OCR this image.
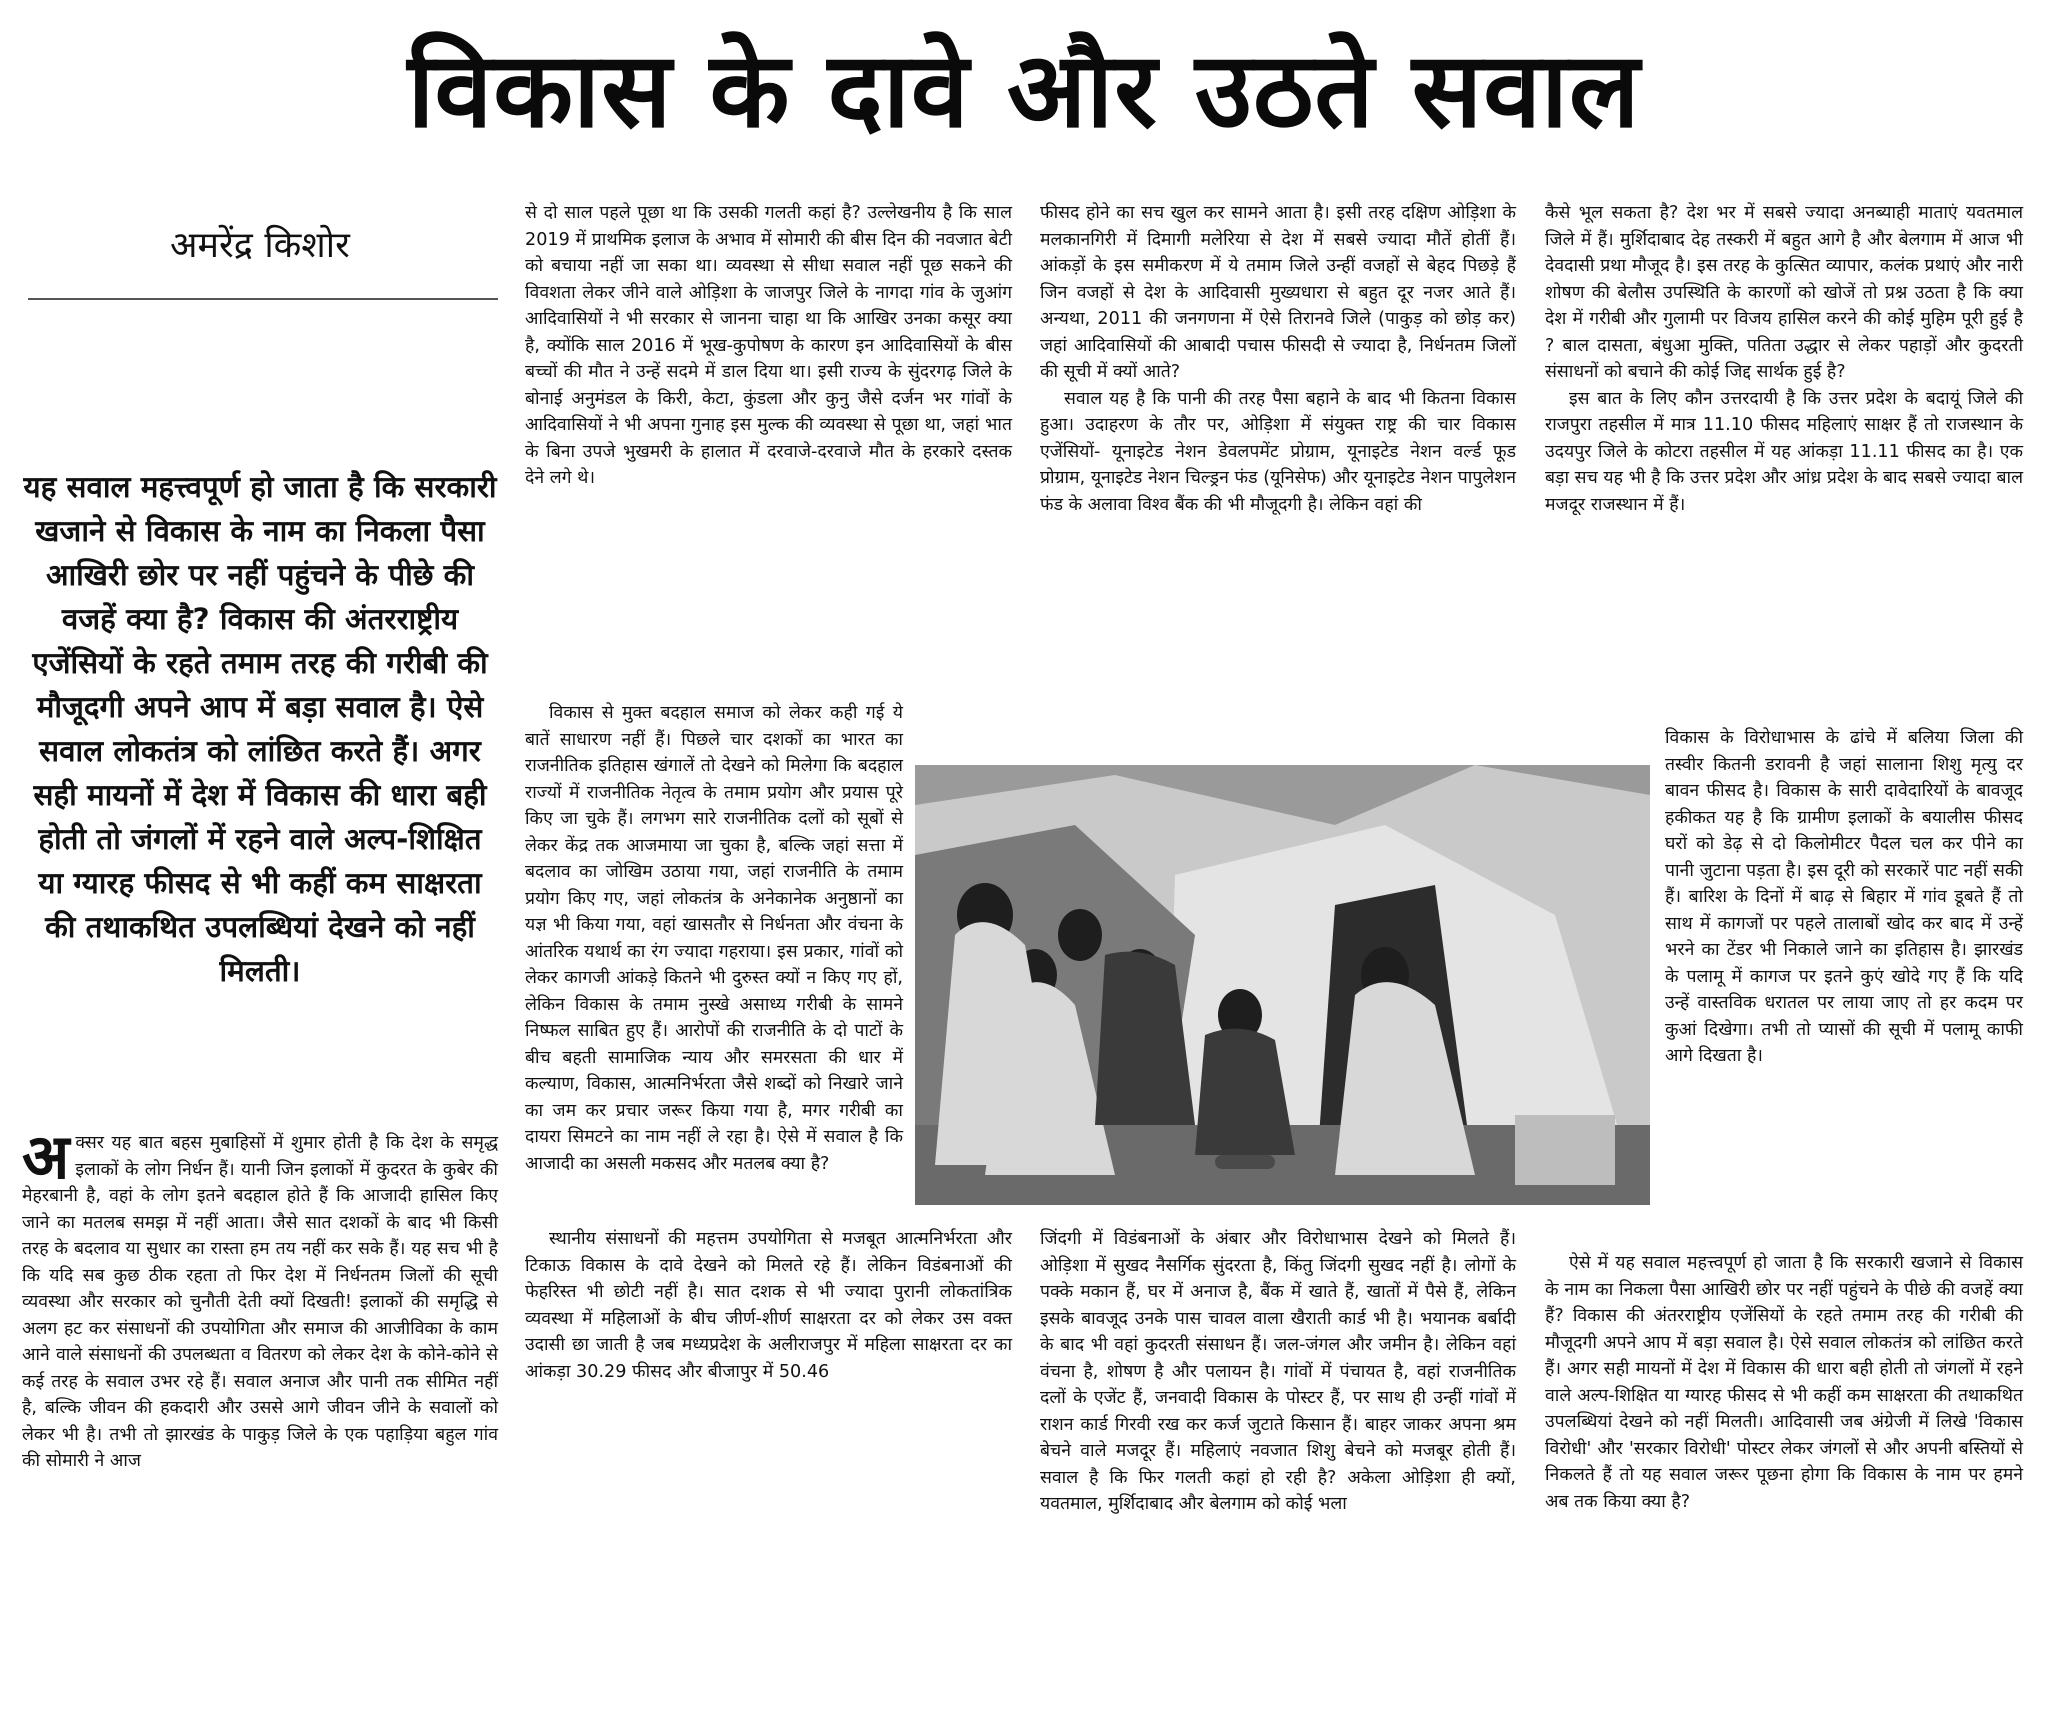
विकास के दावे और उठते सवाल
अमरेंद्र किशोर

यह सवाल महत्त्वपूर्ण हो जाता है कि सरकारी खजाने से विकास के नाम का निकला पैसा आखिरी छोर पर नहीं पहुंचने के पीछे की वजहें क्या है? विकास की अंतरराष्ट्रीय एजेंसियों के रहते तमाम तरह की गरीबी की मौजूदगी अपने आप में बड़ा सवाल है। ऐसे सवाल लोकतंत्र को लांछित करते हैं। अगर सही मायनों में देश में विकास की धारा बही होती तो जंगलों में रहने वाले अल्प-शिक्षित या ग्यारह फीसद से भी कहीं कम साक्षरता की तथाकथित उपलब्धियां देखने को नहीं मिलती।

अक्सर यह बात बहस मुबाहिसों में शुमार होती है कि देश के समृद्ध इलाकों के लोग निर्धन हैं। यानी जिन इलाकों में कुदरत के कुबेर की मेहरबानी है, वहां के लोग इतने बदहाल होते हैं कि आजादी हासिल किए जाने का मतलब समझ में नहीं आता। जैसे सात दशकों के बाद भी किसी तरह के बदलाव या सुधार का रास्ता हम तय नहीं कर सके हैं। यह सच भी है कि यदि सब कुछ ठीक रहता तो फिर देश में निर्धनतम जिलों की सूची व्यवस्था और सरकार को चुनौती देती क्यों दिखती! इलाकों की समृद्धि से अलग हट कर संसाधनों की उपयोगिता और समाज की आजीविका के काम आने वाले संसाधनों की उपलब्धता व वितरण को लेकर देश के कोने-कोने से कई तरह के सवाल उभर रहे हैं। सवाल अनाज और पानी तक सीमित नहीं है, बल्कि जीवन की हकदारी और उससे आगे जीवन जीने के सवालों को लेकर भी है। तभी तो झारखंड के पाकुड़ जिले के एक पहाड़िया बहुल गांव की सोमारी ने आज

से दो साल पहले पूछा था कि उसकी गलती कहां है? उल्लेखनीय है कि साल 2019 में प्राथमिक इलाज के अभाव में सोमारी की बीस दिन की नवजात बेटी को बचाया नहीं जा सका था। व्यवस्था से सीधा सवाल नहीं पूछ सकने की विवशता लेकर जीने वाले ओड़िशा के जाजपुर जिले के नागदा गांव के जुआंग आदिवासियों ने भी सरकार से जानना चाहा था कि आखिर उनका कसूर क्या है, क्योंकि साल 2016 में भूख-कुपोषण के कारण इन आदिवासियों के बीस बच्चों की मौत ने उन्हें सदमे में डाल दिया था। इसी राज्य के सुंदरगढ़ जिले के बोनाई अनुमंडल के किरी, केटा, कुंडला और कुनु जैसे दर्जन भर गांवों के आदिवासियों ने भी अपना गुनाह इस मुल्क की व्यवस्था से पूछा था, जहां भात के बिना उपजे भुखमरी के हालात में दरवाजे-दरवाजे मौत के हरकारे दस्तक देने लगे थे।

विकास से मुक्त बदहाल समाज को लेकर कही गई ये बातें साधारण नहीं हैं। पिछले चार दशकों का भारत का राजनीतिक इतिहास खंगालें तो देखने को मिलेगा कि बदहाल राज्यों में राजनीतिक नेतृत्व के तमाम प्रयोग और प्रयास पूरे किए जा चुके हैं। लगभग सारे राजनीतिक दलों को सूबों से लेकर केंद्र तक आजमाया जा चुका है, बल्कि जहां सत्ता में बदलाव का जोखिम उठाया गया, जहां राजनीति के तमाम प्रयोग किए गए, जहां लोकतंत्र के अनेकानेक अनुष्ठानों का यज्ञ भी किया गया, वहां खासतौर से निर्धनता और वंचना के आंतरिक यथार्थ का रंग ज्यादा गहराया। इस प्रकार, गांवों को लेकर कागजी आंकड़े कितने भी दुरुस्त क्यों न किए गए हों, लेकिन विकास के तमाम नुस्खे असाध्य गरीबी के सामने निष्फल साबित हुए हैं। आरोपों की राजनीति के दो पाटों के बीच बहती सामाजिक न्याय और समरसता की धार में कल्याण, विकास, आत्मनिर्भरता जैसे शब्दों को निखारे जाने का जम कर प्रचार जरूर किया गया है, मगर गरीबी का दायरा सिमटने का नाम नहीं ले रहा है। ऐसे में सवाल है कि आजादी का असली मकसद और मतलब क्या है?

स्थानीय संसाधनों की महत्तम उपयोगिता से मजबूत आत्मनिर्भरता और टिकाऊ विकास के दावे देखने को मिलते रहे हैं। लेकिन विडंबनाओं की फेहरिस्त भी छोटी नहीं है। सात दशक से भी ज्यादा पुरानी लोकतांत्रिक व्यवस्था में महिलाओं के बीच जीर्ण-शीर्ण साक्षरता दर को लेकर उस वक्त उदासी छा जाती है जब मध्यप्रदेश के अलीराजपुर में महिला साक्षरता दर का आंकड़ा 30.29 फीसद और बीजापुर में 50.46

फीसद होने का सच खुल कर सामने आता है। इसी तरह दक्षिण ओड़िशा के मलकानगिरी में दिमागी मलेरिया से देश में सबसे ज्यादा मौतें होतीं हैं। आंकड़ों के इस समीकरण में ये तमाम जिले उन्हीं वजहों से बेहद पिछड़े हैं जिन वजहों से देश के आदिवासी मुख्यधारा से बहुत दूर नजर आते हैं। अन्यथा, 2011 की जनगणना में ऐसे तिरानवे जिले (पाकुड़ को छोड़ कर) जहां आदिवासियों की आबादी पचास फीसदी से ज्यादा है, निर्धनतम जिलों की सूची में क्यों आते?

सवाल यह है कि पानी की तरह पैसा बहाने के बाद भी कितना विकास हुआ। उदाहरण के तौर पर, ओड़िशा में संयुक्त राष्ट्र की चार विकास एजेंसियों- यूनाइटेड नेशन डेवलपमेंट प्रोग्राम, यूनाइटेड नेशन वर्ल्ड फूड प्रोग्राम, यूनाइटेड नेशन चिल्ड्रन फंड (यूनिसेफ) और यूनाइटेड नेशन पापुलेशन फंड के अलावा विश्व बैंक की भी मौजूदगी है। लेकिन वहां की

जिंदगी में विडंबनाओं के अंबार और विरोधाभास देखने को मिलते हैं। ओड़िशा में सुखद नैसर्गिक सुंदरता है, किंतु जिंदगी सुखद नहीं है। लोगों के पक्के मकान हैं, घर में अनाज है, बैंक में खाते हैं, खातों में पैसे हैं, लेकिन इसके बावजूद उनके पास चावल वाला खैराती कार्ड भी है। भयानक बर्बादी के बाद भी वहां कुदरती संसाधन हैं। जल-जंगल और जमीन है। लेकिन वहां वंचना है, शोषण है और पलायन है। गांवों में पंचायत है, वहां राजनीतिक दलों के एजेंट हैं, जनवादी विकास के पोस्टर हैं, पर साथ ही उन्हीं गांवों में राशन कार्ड गिरवी रख कर कर्ज जुटाते किसान हैं। बाहर जाकर अपना श्रम बेचने वाले मजदूर हैं। महिलाएं नवजात शिशु बेचने को मजबूर होती हैं। सवाल है कि फिर गलती कहां हो रही है? अकेला ओड़िशा ही क्यों, यवतमाल, मुर्शिदाबाद और बेलगाम को कोई भला

कैसे भूल सकता है? देश भर में सबसे ज्यादा अनब्याही माताएं यवतमाल जिले में हैं। मुर्शिदाबाद देह तस्करी में बहुत आगे है और बेलगाम में आज भी देवदासी प्रथा मौजूद है। इस तरह के कुत्सित व्यापार, कलंक प्रथाएं और नारी शोषण की बेलौस उपस्थिति के कारणों को खोजें तो प्रश्न उठता है कि क्या देश में गरीबी और गुलामी पर विजय हासिल करने की कोई मुहिम पूरी हुई है ? बाल दासता, बंधुआ मुक्ति, पतिता उद्धार से लेकर पहाड़ों और कुदरती संसाधनों को बचाने की कोई जिद्द सार्थक हुई है?

इस बात के लिए कौन उत्तरदायी है कि उत्तर प्रदेश के बदायूं जिले की राजपुरा तहसील में मात्र 11.10 फीसद महिलाएं साक्षर हैं तो राजस्थान के उदयपुर जिले के कोटरा तहसील में यह आंकड़ा 11.11 फीसद का है। एक बड़ा सच यह भी है कि उत्तर प्रदेश और आंध्र प्रदेश के बाद सबसे ज्यादा बाल मजदूर राजस्थान में हैं।

विकास के विरोधाभास के ढांचे में बलिया जिला की तस्वीर कितनी डरावनी है जहां सालाना शिशु मृत्यु दर बावन फीसद है। विकास के सारी दावेदारियों के बावजूद हकीकत यह है कि ग्रामीण इलाकों के बयालीस फीसद घरों को डेढ़ से दो किलोमीटर पैदल चल कर पीने का पानी जुटाना पड़ता है। इस दूरी को सरकारें पाट नहीं सकी हैं। बारिश के दिनों में बाढ़ से बिहार में गांव डूबते हैं तो साथ में कागजों पर पहले तालाबों खोद कर बाद में उन्हें भरने का टेंडर भी निकाले जाने का इतिहास है। झारखंड के पलामू में कागज पर इतने कुएं खोदे गए हैं कि यदि उन्हें वास्तविक धरातल पर लाया जाए तो हर कदम पर कुआं दिखेगा। तभी तो प्यासों की सूची में पलामू काफी आगे दिखता है।

ऐसे में यह सवाल महत्त्वपूर्ण हो जाता है कि सरकारी खजाने से विकास के नाम का निकला पैसा आखिरी छोर पर नहीं पहुंचने के पीछे की वजहें क्या हैं? विकास की अंतरराष्ट्रीय एजेंसियों के रहते तमाम तरह की गरीबी की मौजूदगी अपने आप में बड़ा सवाल है। ऐसे सवाल लोकतंत्र को लांछित करते हैं। अगर सही मायनों में देश में विकास की धारा बही होती तो जंगलों में रहने वाले अल्प-शिक्षित या ग्यारह फीसद से भी कहीं कम साक्षरता की तथाकथित उपलब्धियां देखने को नहीं मिलती। आदिवासी जब अंग्रेजी में लिखे 'विकास विरोधी' और 'सरकार विरोधी' पोस्टर लेकर जंगलों से और अपनी बस्तियों से निकलते हैं तो यह सवाल जरूर पूछना होगा कि विकास के नाम पर हमने अब तक किया क्या है?
